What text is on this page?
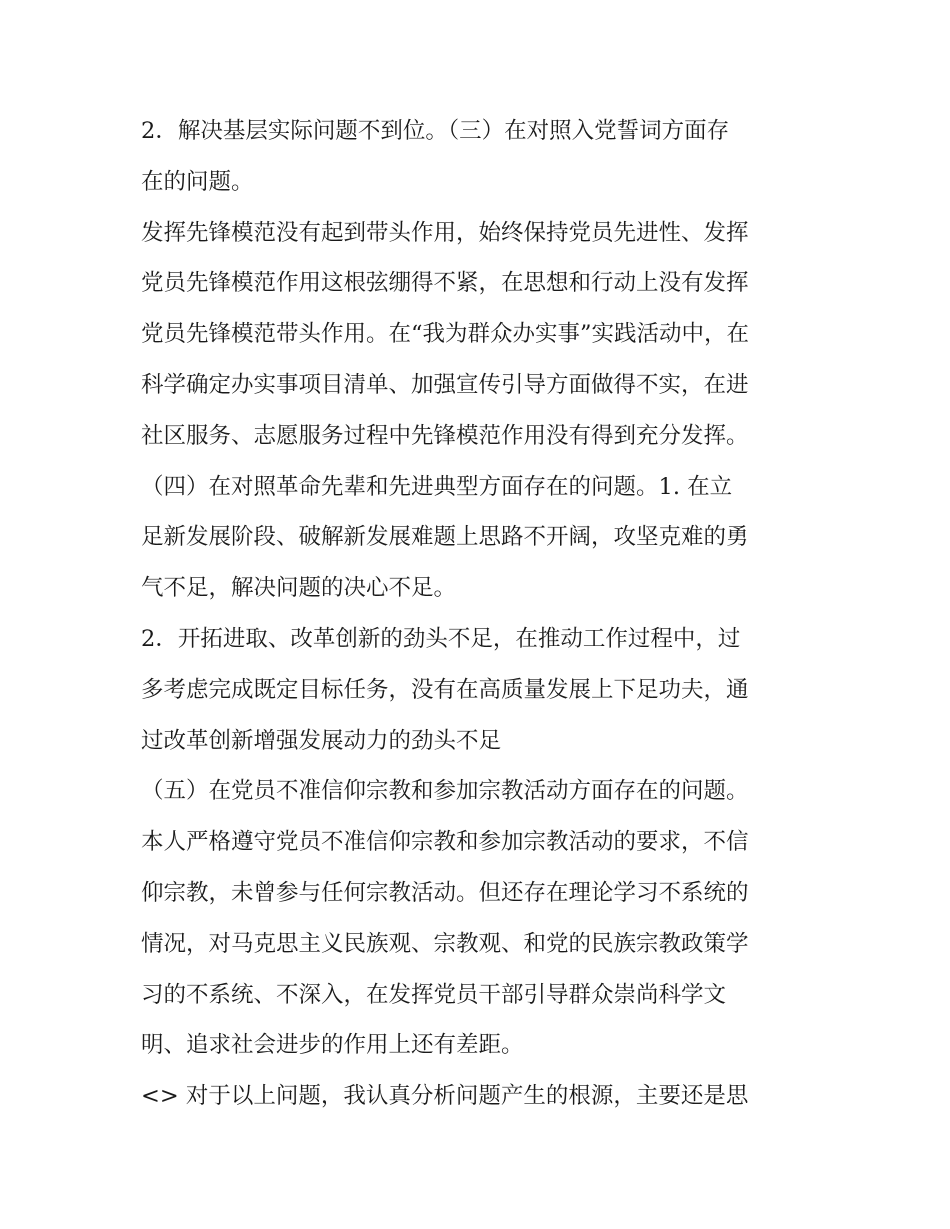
2．解决基层实际问题不到位。（三）在对照入党誓词方面存
在的问题。
发挥先锋模范没有起到带头作用，始终保持党员先进性、发挥
党员先锋模范作用这根弦绷得不紧，在思想和行动上没有发挥
党员先锋模范带头作用。在“我为群众办实事”实践活动中，在
科学确定办实事项目清单、加强宣传引导方面做得不实，在进
社区服务、志愿服务过程中先锋模范作用没有得到充分发挥。
（四）在对照革命先辈和先进典型方面存在的问题。1. 在立
足新发展阶段、破解新发展难题上思路不开阔，攻坚克难的勇
气不足，解决问题的决心不足。
2．开拓进取、改革创新的劲头不足，在推动工作过程中，过
多考虑完成既定目标任务，没有在高质量发展上下足功夫，通
过改革创新增强发展动力的劲头不足
（五）在党员不准信仰宗教和参加宗教活动方面存在的问题。
本人严格遵守党员不准信仰宗教和参加宗教活动的要求，不信
仰宗教，未曾参与任何宗教活动。但还存在理论学习不系统的
情况，对马克思主义民族观、宗教观、和党的民族宗教政策学
习的不系统、不深入，在发挥党员干部引导群众崇尚科学文
明、追求社会进步的作用上还有差距。
<> 对于以上问题，我认真分析问题产生的根源，主要还是思
